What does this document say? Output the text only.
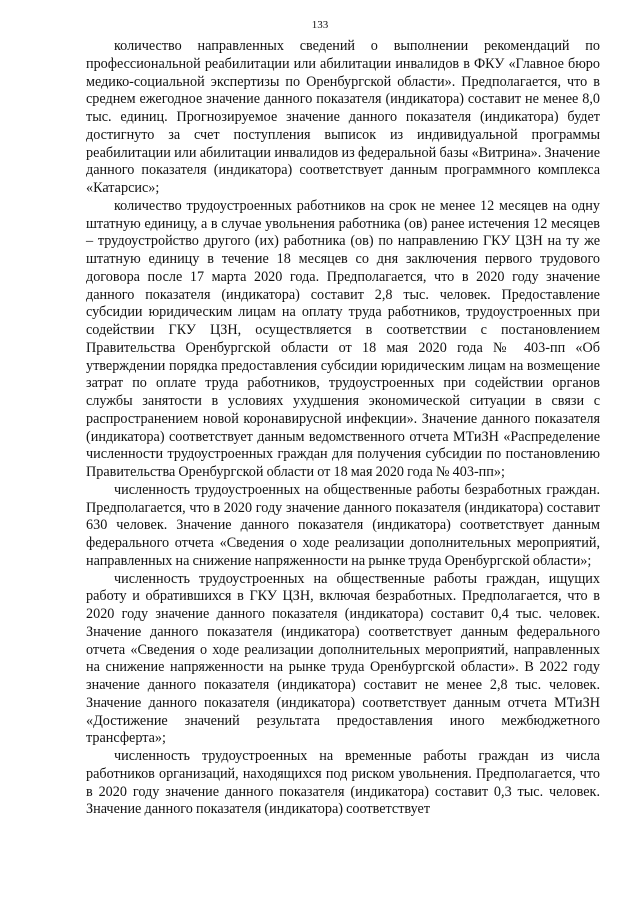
133

количество направленных сведений о выполнении рекомендаций по профессиональной реабилитации или абилитации инвалидов в ФКУ «Главное бюро медико-социальной экспертизы по Оренбургской области». Предполагается, что в среднем ежегодное значение данного показателя (индикатора) составит не менее 8,0 тыс. единиц. Прогнозируемое значение данного показателя (индикатора) будет достигнуто за счет поступления выписок из индивидуальной программы реабилитации или абилитации инвалидов из федеральной базы «Витрина». Значение данного показателя (индикатора) соответствует данным программного комплекса «Катарсис»;

количество трудоустроенных работников на срок не менее 12 месяцев на одну штатную единицу, а в случае увольнения работника (ов) ранее истечения 12 месяцев – трудоустройство другого (их) работника (ов) по направлению ГКУ ЦЗН на ту же штатную единицу в течение 18 месяцев со дня заключения первого трудового договора после 17 марта 2020 года. Предполагается, что в 2020 году значение данного показателя (индикатора) составит 2,8 тыс. человек. Предоставление субсидии юридическим лицам на оплату труда работников, трудоустроенных при содействии ГКУ ЦЗН, осуществляется в соответствии с постановлением Правительства Оренбургской области от 18 мая 2020 года № 403-пп «Об утверждении порядка предоставления субсидии юридическим лицам на возмещение затрат по оплате труда работников, трудоустроенных при содействии органов службы занятости в условиях ухудшения экономической ситуации в связи с распространением новой коронавирусной инфекции». Значение данного показателя (индикатора) соответствует данным ведомственного отчета МТиЗН «Распределение численности трудоустроенных граждан для получения субсидии по постановлению Правительства Оренбургской области от 18 мая 2020 года № 403-пп»;

численность трудоустроенных на общественные работы безработных граждан. Предполагается, что в 2020 году значение данного показателя (индикатора) составит 630 человек. Значение данного показателя (индикатора) соответствует данным федерального отчета «Сведения о ходе реализации дополнительных мероприятий, направленных на снижение напряженности на рынке труда Оренбургской области»;

численность трудоустроенных на общественные работы граждан, ищущих работу и обратившихся в ГКУ ЦЗН, включая безработных. Предполагается, что в 2020 году значение данного показателя (индикатора) составит 0,4 тыс. человек. Значение данного показателя (индикатора) соответствует данным федерального отчета «Сведения о ходе реализации дополнительных мероприятий, направленных на снижение напряженности на рынке труда Оренбургской области». В 2022 году значение данного показателя (индикатора) составит не менее 2,8 тыс. человек. Значение данного показателя (индикатора) соответствует данным отчета МТиЗН «Достижение значений результата предоставления иного межбюджетного трансферта»;

численность трудоустроенных на временные работы граждан из числа работников организаций, находящихся под риском увольнения. Предполагается, что в 2020 году значение данного показателя (индикатора) составит 0,3 тыс. человек. Значение данного показателя (индикатора) соответствует
